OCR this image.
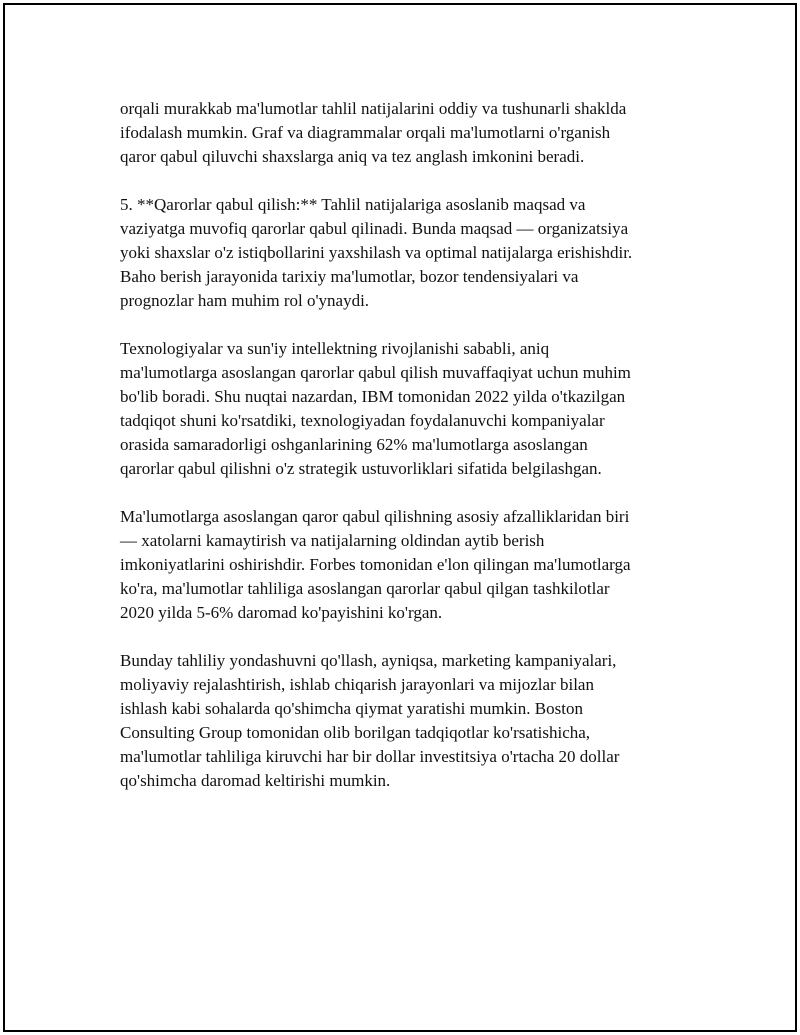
orqali murakkab ma'lumotlar tahlil natijalarini oddiy va tushunarli shaklda
ifodalash mumkin. Graf va diagrammalar orqali ma'lumotlarni o'rganish
qaror qabul qiluvchi shaxslarga aniq va tez anglash imkonini beradi.

5. **Qarorlar qabul qilish:** Tahlil natijalariga asoslanib maqsad va
vaziyatga muvofiq qarorlar qabul qilinadi. Bunda maqsad — organizatsiya
yoki shaxslar o'z istiqbollarini yaxshilash va optimal natijalarga erishishdir.
Baho berish jarayonida tarixiy ma'lumotlar, bozor tendensiyalari va
prognozlar ham muhim rol o'ynaydi.

Texnologiyalar va sun'iy intellektning rivojlanishi sababli, aniq
ma'lumotlarga asoslangan qarorlar qabul qilish muvaffaqiyat uchun muhim
bo'lib boradi. Shu nuqtai nazardan, IBM tomonidan 2022 yilda o'tkazilgan
tadqiqot shuni ko'rsatdiki, texnologiyadan foydalanuvchi kompaniyalar
orasida samaradorligi oshganlarining 62% ma'lumotlarga asoslangan
qarorlar qabul qilishni o'z strategik ustuvorliklari sifatida belgilashgan.

Ma'lumotlarga asoslangan qaror qabul qilishning asosiy afzalliklaridan biri
— xatolarni kamaytirish va natijalarning oldindan aytib berish
imkoniyatlarini oshirishdir. Forbes tomonidan e'lon qilingan ma'lumotlarga
ko'ra, ma'lumotlar tahliliga asoslangan qarorlar qabul qilgan tashkilotlar
2020 yilda 5-6% daromad ko'payishini ko'rgan.

Bunday tahliliy yondashuvni qo'llash, ayniqsa, marketing kampaniyalari,
moliyaviy rejalashtirish, ishlab chiqarish jarayonlari va mijozlar bilan
ishlash kabi sohalarda qo'shimcha qiymat yaratishi mumkin. Boston
Consulting Group tomonidan olib borilgan tadqiqotlar ko'rsatishicha,
ma'lumotlar tahliliga kiruvchi har bir dollar investitsiya o'rtacha 20 dollar
qo'shimcha daromad keltirishi mumkin.
